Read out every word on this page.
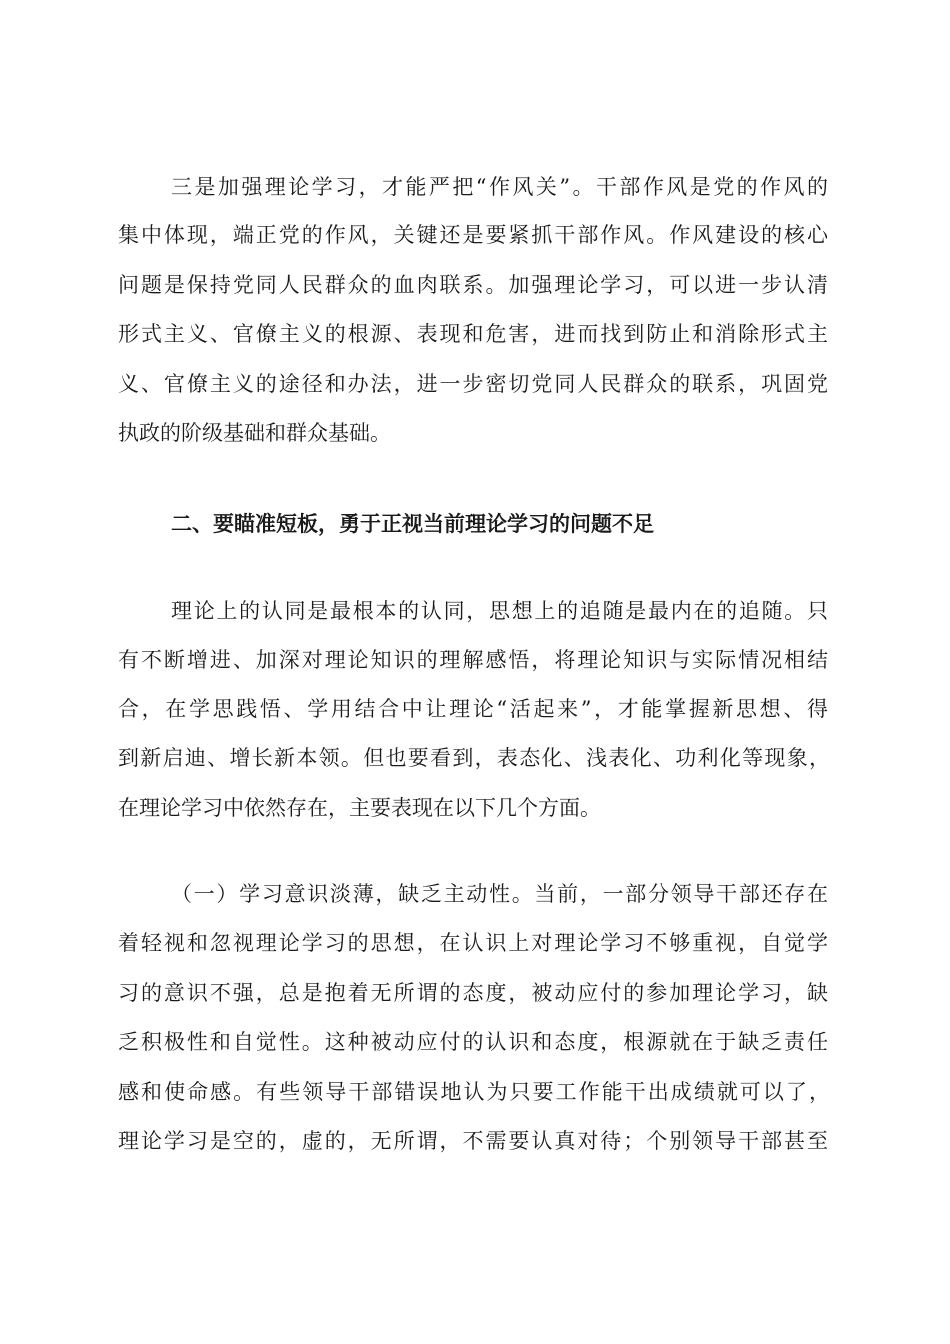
三是加强理论学习，才能严把“作风关”。干部作风是党的作风的
集中体现，端正党的作风，关键还是要紧抓干部作风。作风建设的核心
问题是保持党同人民群众的血肉联系。加强理论学习，可以进一步认清
形式主义、官僚主义的根源、表现和危害，进而找到防止和消除形式主
义、官僚主义的途径和办法，进一步密切党同人民群众的联系，巩固党
执政的阶级基础和群众基础。
二、要瞄准短板，勇于正视当前理论学习的问题不足
理论上的认同是最根本的认同，思想上的追随是最内在的追随。只
有不断增进、加深对理论知识的理解感悟，将理论知识与实际情况相结
合，在学思践悟、学用结合中让理论“活起来”，才能掌握新思想、得
到新启迪、增长新本领。但也要看到，表态化、浅表化、功利化等现象，
在理论学习中依然存在，主要表现在以下几个方面。
（一）学习意识淡薄，缺乏主动性。当前，一部分领导干部还存在
着轻视和忽视理论学习的思想，在认识上对理论学习不够重视，自觉学
习的意识不强，总是抱着无所谓的态度，被动应付的参加理论学习，缺
乏积极性和自觉性。这种被动应付的认识和态度，根源就在于缺乏责任
感和使命感。有些领导干部错误地认为只要工作能干出成绩就可以了，
理论学习是空的，虚的，无所谓，不需要认真对待；个别领导干部甚至
